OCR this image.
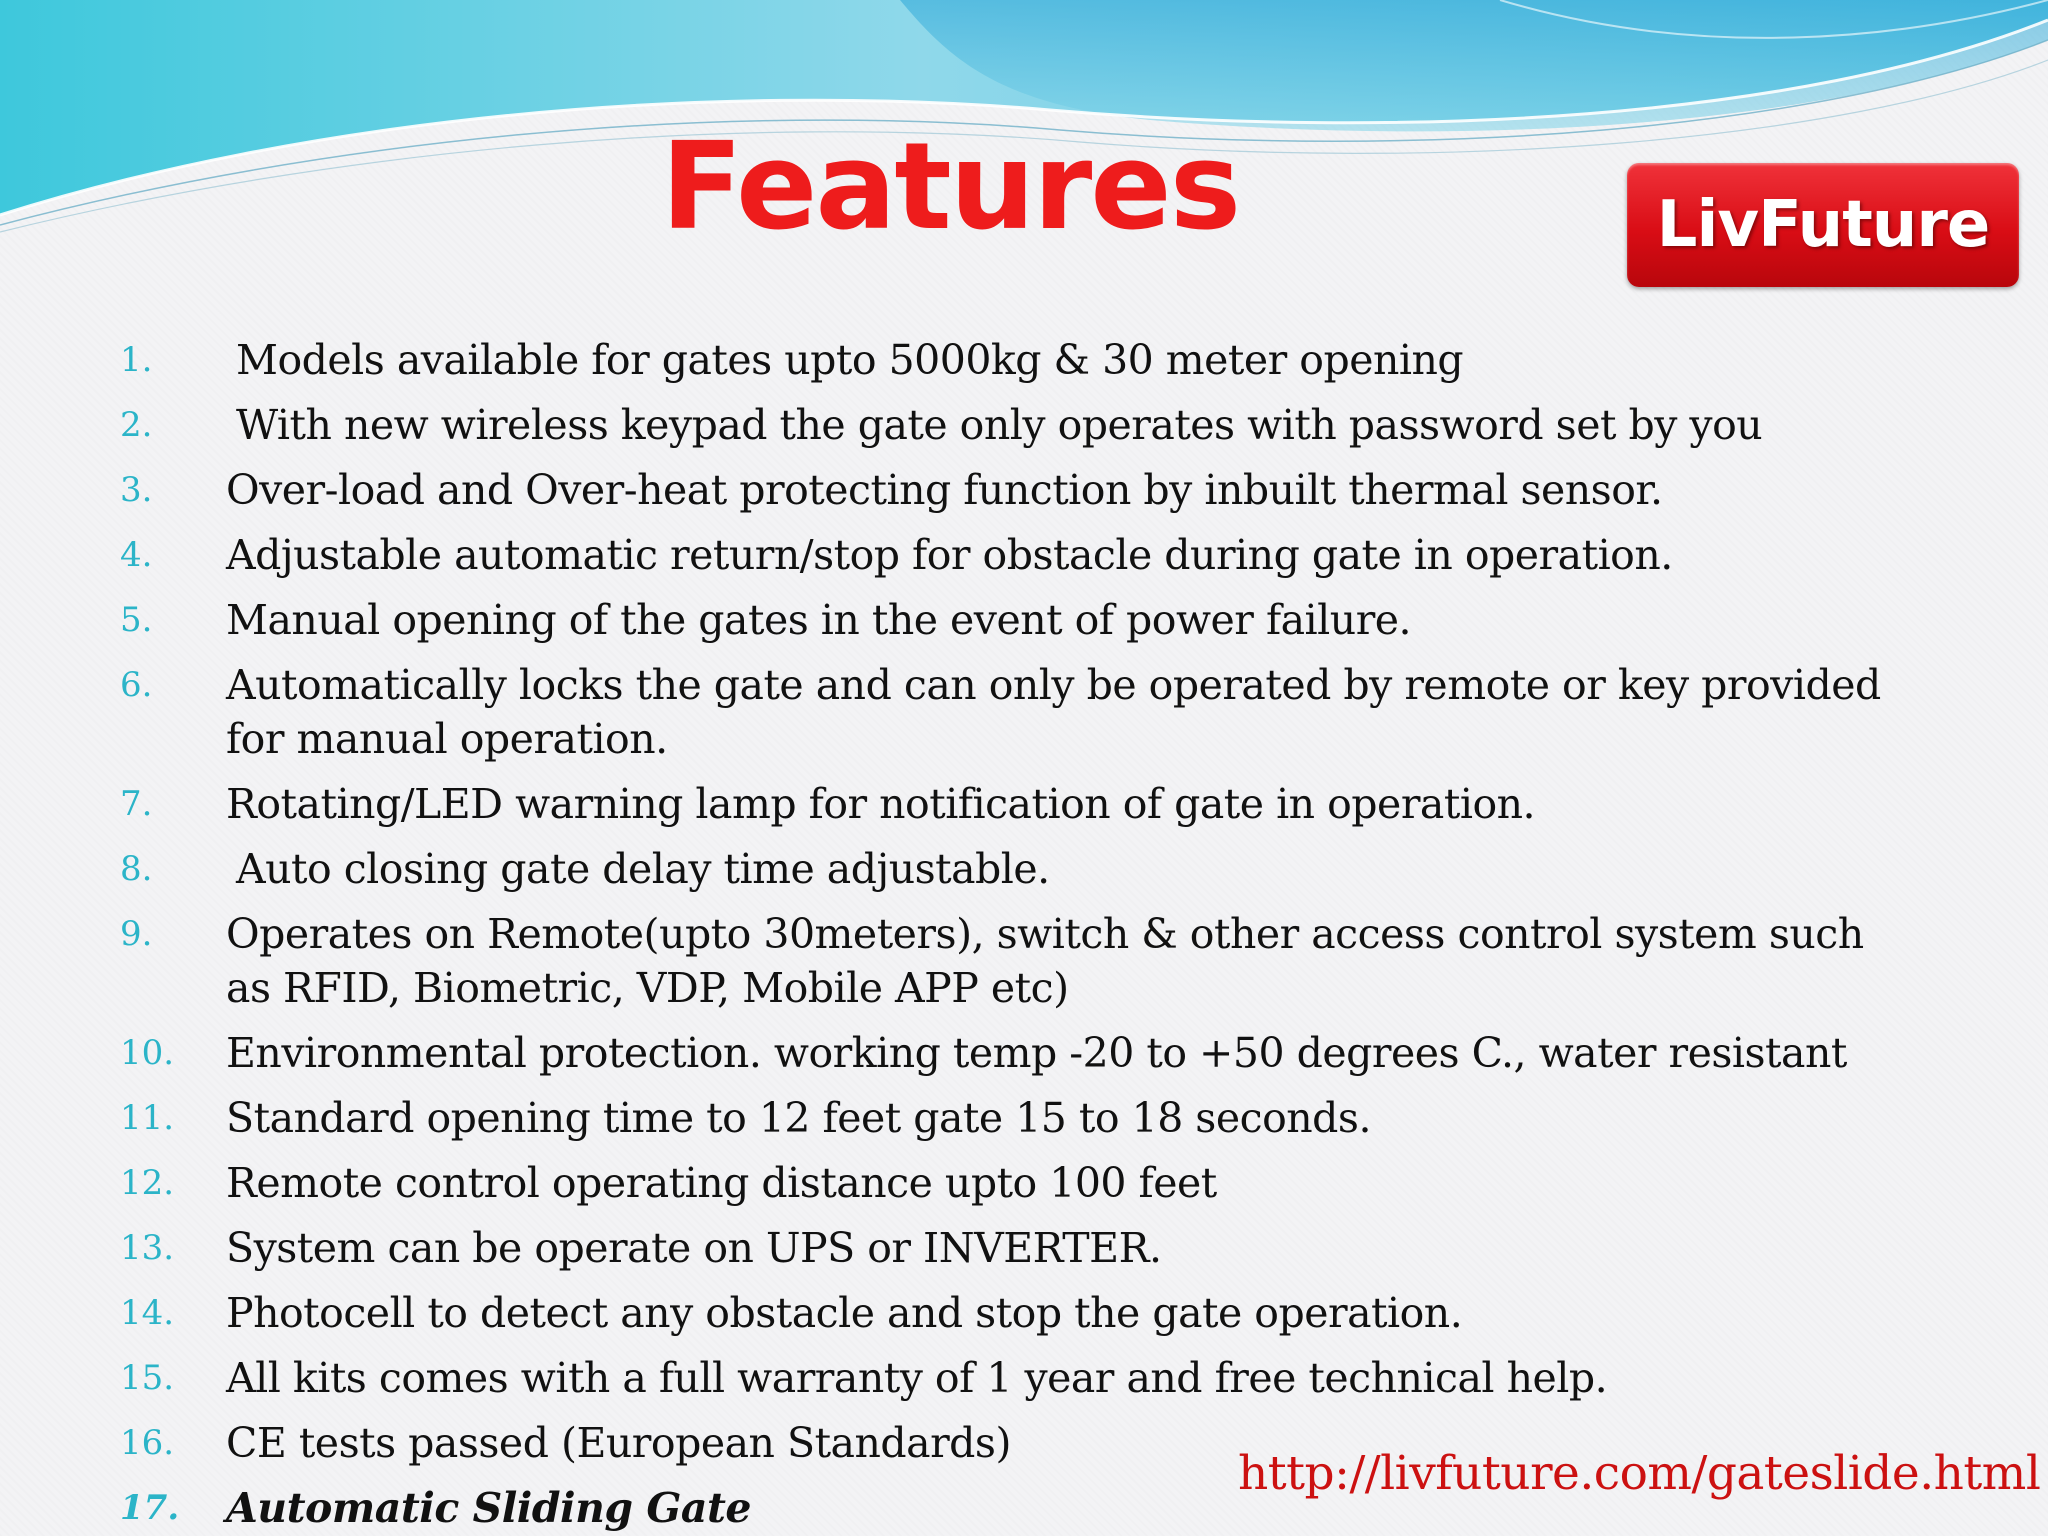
Features	LivFuture
1. Models available for gates upto 5000kg & 30 meter opening
2. With new wireless keypad the gate only operates with password set by you
3. Over-load and Over-heat protecting function by inbuilt thermal sensor.
4. Adjustable automatic return/stop for obstacle during gate in operation.
5. Manual opening of the gates in the event of power failure.
6. Automatically locks the gate and can only be operated by remote or key provided for manual operation.
7. Rotating/LED warning lamp for notification of gate in operation.
8. Auto closing gate delay time adjustable.
9. Operates on Remote(upto 30meters), switch & other access control system such as RFID, Biometric, VDP, Mobile APP etc)
10. Environmental protection. working temp -20 to +50 degrees C., water resistant
11. Standard opening time to 12 feet gate 15 to 18 seconds.
12. Remote control operating distance upto 100 feet
13. System can be operate on UPS or INVERTER.
14. Photocell to detect any obstacle and stop the gate operation.
15. All kits comes with a full warranty of 1 year and free technical help.
16. CE tests passed (European Standards)
17. Automatic Sliding Gate
http://livfuture.com/gateslide.html
